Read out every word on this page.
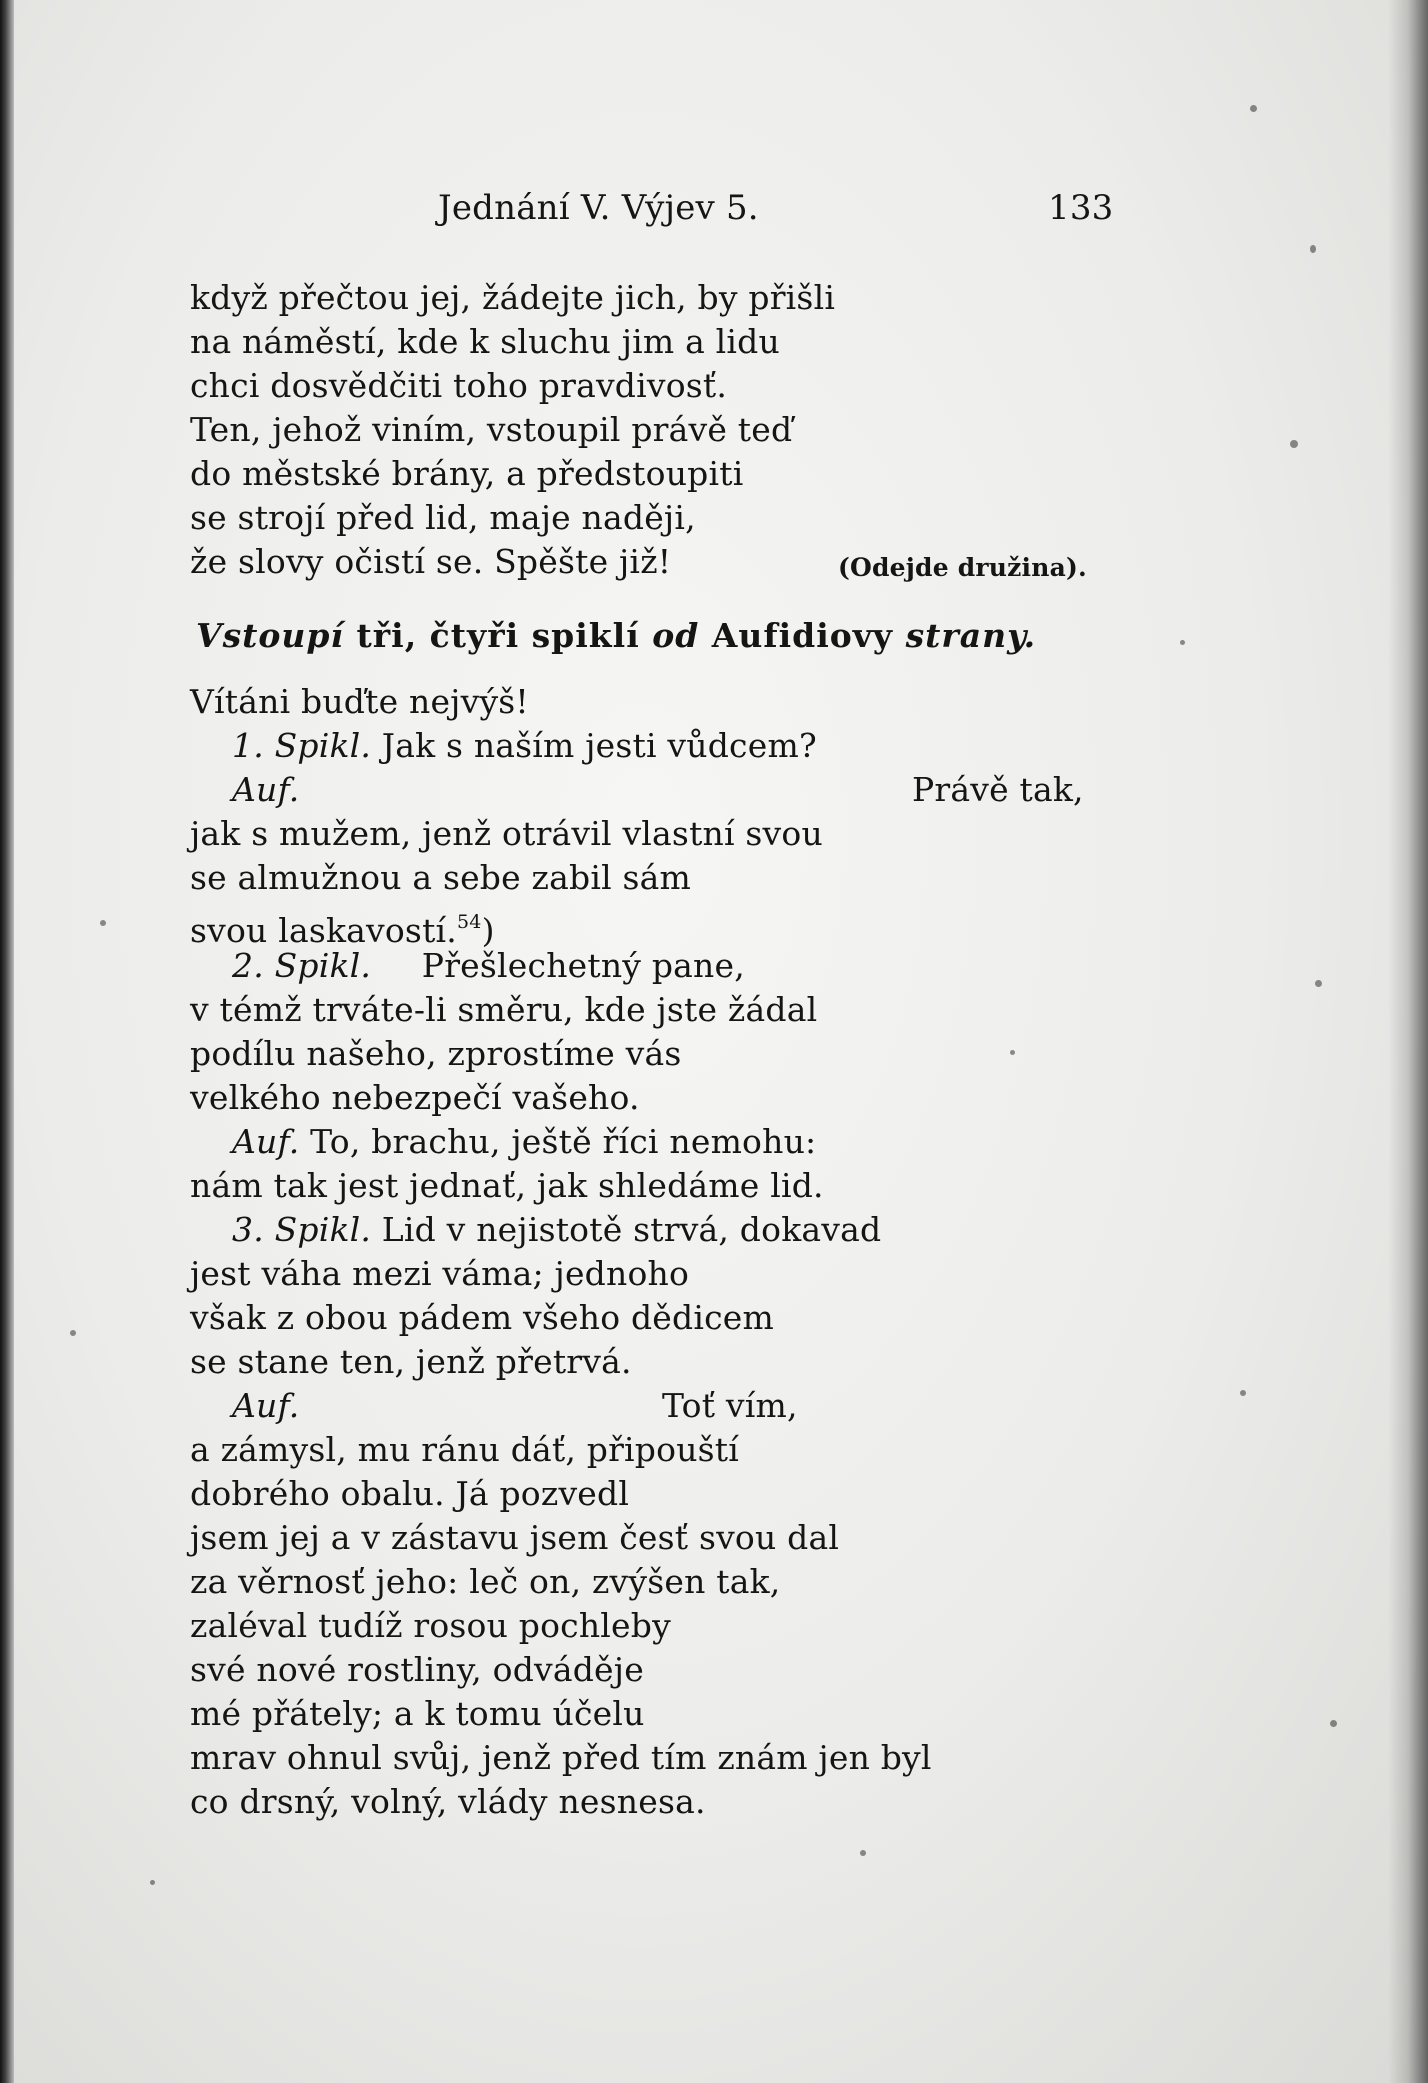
Jednání V. Výjev 5.	133
když přečtou jej, žádejte jich, by přišli
na náměstí, kde k sluchu jim a lidu
chci dosvědčiti toho pravdivosť.
Ten, jehož viním, vstoupil právě teď
do městské brány, a předstoupiti
se strojí před lid, maje naději,
že slovy očistí se. Spěšte již!	(Odejde družina).
Vstoupí tři, čtyři spiklí od Aufidiovy strany.
Vítáni buďte nejvýš!
1. Spikl. Jak s naším jesti vůdcem?
Auf.	Právě tak,
jak s mužem, jenž otrávil vlastní svou
se almužnou a sebe zabil sám
svou laskavostí.$^{54}$)
2. Spikl. Přešlechetný pane,
v témž trváte-li směru, kde jste žádal
podílu našeho, zprostíme vás
velkého nebezpečí vašeho.
Auf. To, brachu, ještě říci nemohu:
nám tak jest jednať, jak shledáme lid.
3. Spikl. Lid v nejistotě strvá, dokavad
jest váha mezi váma; jednoho
však z obou pádem všeho dědicem
se stane ten, jenž přetrvá.
Auf.	Toť vím,
a zámysl, mu ránu dáť, připouští
dobrého obalu. Já pozvedl
jsem jej a v zástavu jsem česť svou dal
za věrnosť jeho: leč on, zvýšen tak,
zaléval tudíž rosou pochleby
své nové rostliny, odváděje
mé přátely; a k tomu účelu
mrav ohnul svůj, jenž před tím znám jen byl
co drsný, volný, vlády nesnesa.
